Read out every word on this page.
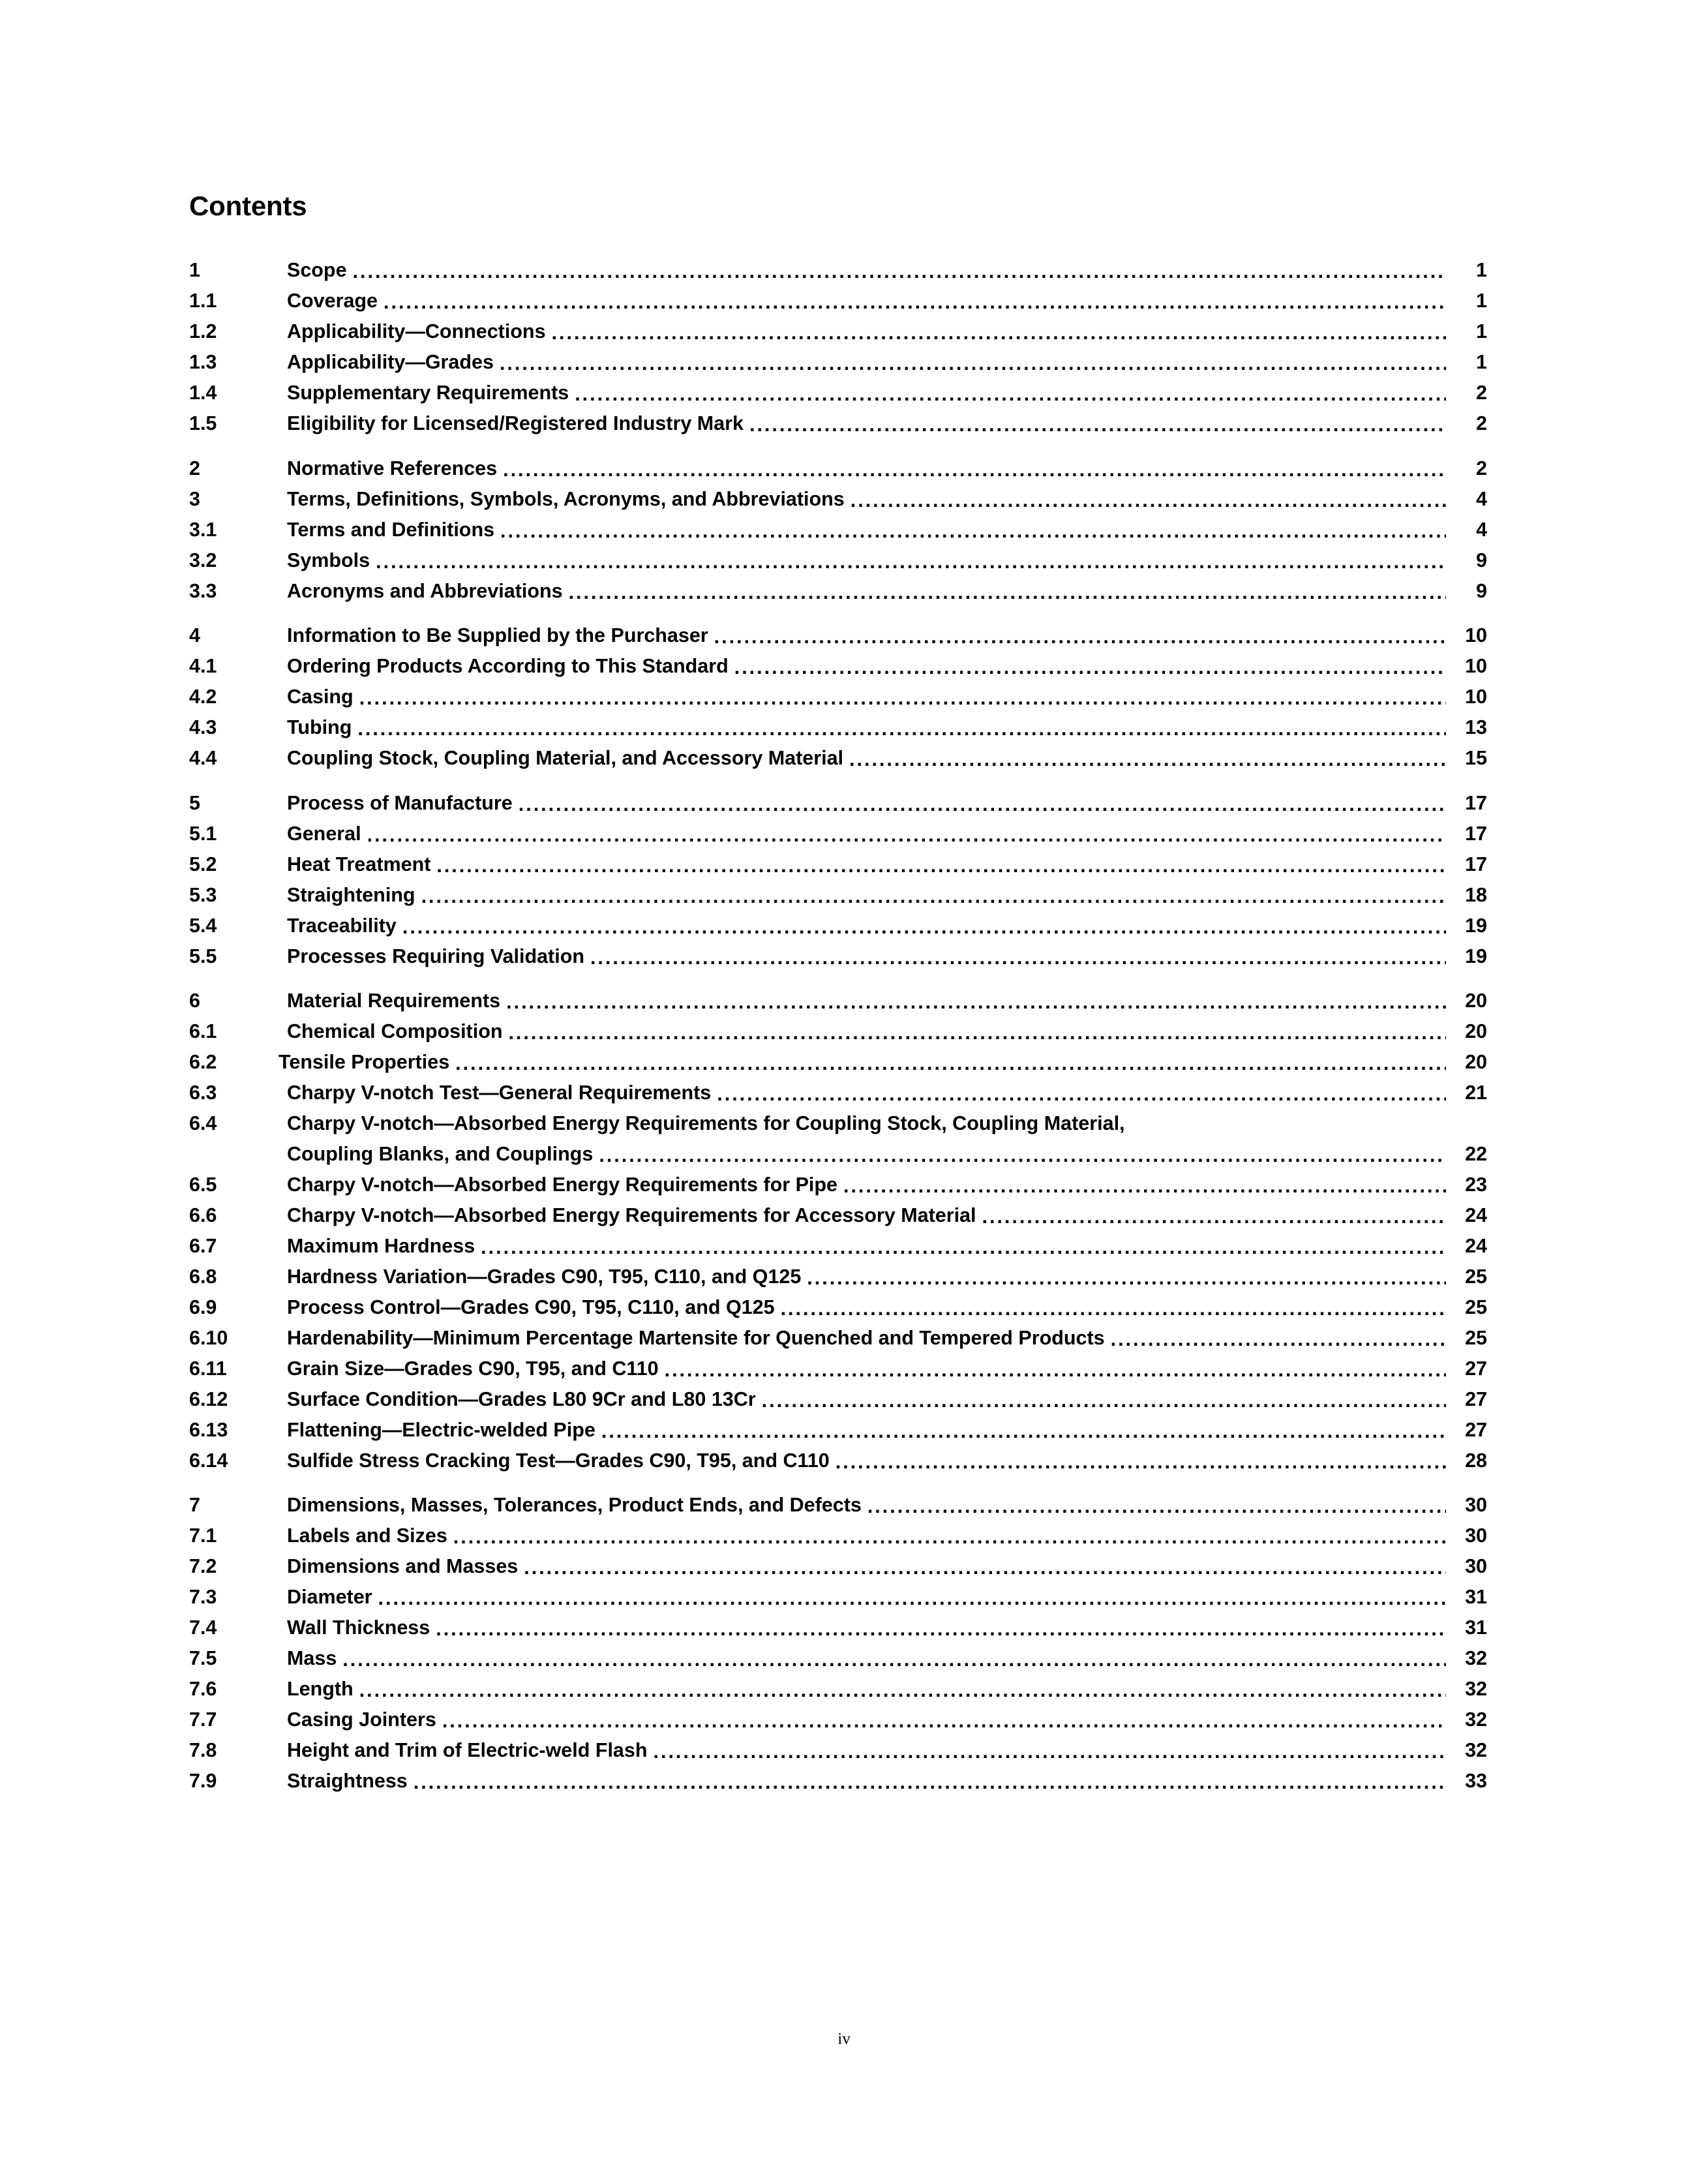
Contents
1	Scope .....	1
1.1	Coverage .....	1
1.2	Applicability—Connections .....	1
1.3	Applicability—Grades .....	1
1.4	Supplementary Requirements .....	2
1.5	Eligibility for Licensed/Registered Industry Mark .....	2
2	Normative References .....	2
3	Terms, Definitions, Symbols, Acronyms, and Abbreviations .....	4
3.1	Terms and Definitions .....	4
3.2	Symbols .....	9
3.3	Acronyms and Abbreviations .....	9
4	Information to Be Supplied by the Purchaser .....	10
4.1	Ordering Products According to This Standard .....	10
4.2	Casing .....	10
4.3	Tubing .....	13
4.4	Coupling Stock, Coupling Material, and Accessory Material .....	15
5	Process of Manufacture .....	17
5.1	General .....	17
5.2	Heat Treatment .....	17
5.3	Straightening .....	18
5.4	Traceability .....	19
5.5	Processes Requiring Validation .....	19
6	Material Requirements .....	20
6.1	Chemical Composition .....	20
6.2	Tensile Properties .....	20
6.3	Charpy V-notch Test—General Requirements .....	21
6.4	Charpy V-notch—Absorbed Energy Requirements for Coupling Stock, Coupling Material,
Coupling Blanks, and Couplings .....	22
6.5	Charpy V-notch—Absorbed Energy Requirements for Pipe .....	23
6.6	Charpy V-notch—Absorbed Energy Requirements for Accessory Material .....	24
6.7	Maximum Hardness .....	24
6.8	Hardness Variation—Grades C90, T95, C110, and Q125 .....	25
6.9	Process Control—Grades C90, T95, C110, and Q125 .....	25
6.10	Hardenability—Minimum Percentage Martensite for Quenched and Tempered Products .....	25
6.11	Grain Size—Grades C90, T95, and C110 .....	27
6.12	Surface Condition—Grades L80 9Cr and L80 13Cr .....	27
6.13	Flattening—Electric-welded Pipe .....	27
6.14	Sulfide Stress Cracking Test—Grades C90, T95, and C110 .....	28
7	Dimensions, Masses, Tolerances, Product Ends, and Defects .....	30
7.1	Labels and Sizes .....	30
7.2	Dimensions and Masses .....	30
7.3	Diameter .....	31
7.4	Wall Thickness .....	31
7.5	Mass .....	32
7.6	Length .....	32
7.7	Casing Jointers .....	32
7.8	Height and Trim of Electric-weld Flash .....	32
7.9	Straightness .....	33
iv
